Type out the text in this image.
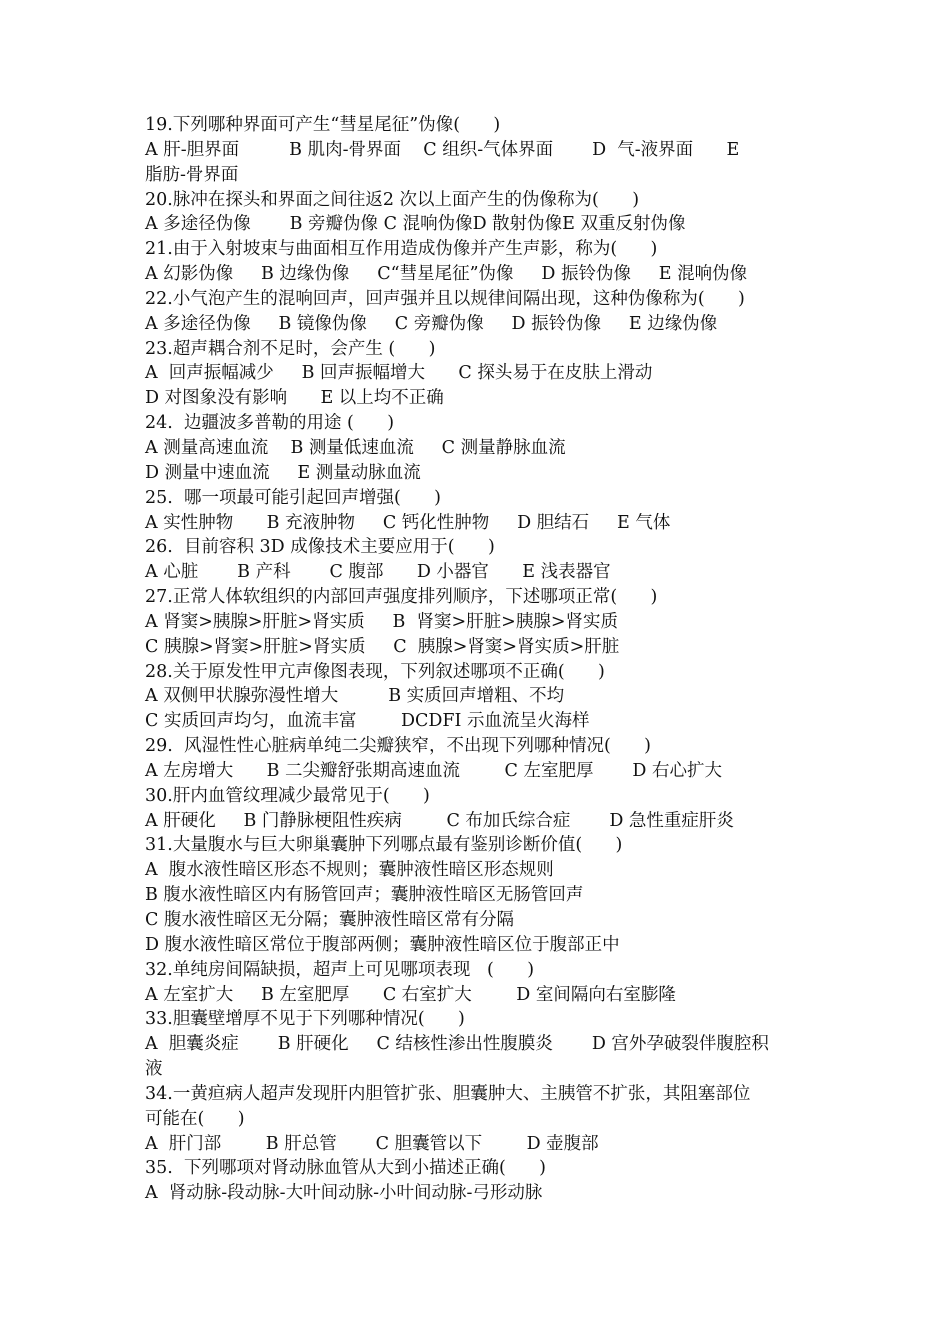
19.下列哪种界面可产生“彗星尾征”伪像(      )
A 肝-胆界面         B 肌肉-骨界面    C 组织-气体界面       D  气-液界面      E
脂肪-骨界面
20.脉冲在探头和界面之间往返2 次以上面产生的伪像称为(      )
A 多途径伪像       B 旁瓣伪像 C 混响伪像D 散射伪像E 双重反射伪像
21.由于入射坡束与曲面相互作用造成伪像并产生声影，称为(      )
A 幻影伪像     B 边缘伪像     C“彗星尾征”伪像     D 振铃伪像     E 混响伪像
22.小气泡产生的混响回声，回声强并且以规律间隔出现，这种伪像称为(      )
A 多途径伪像     B 镜像伪像     C 旁瓣伪像     D 振铃伪像     E 边缘伪像
23.超声耦合剂不足时，会产生 (      )
A  回声振幅减少     B 回声振幅增大      C 探头易于在皮肤上滑动
D 对图象没有影响      E 以上均不正确
24.  边疆波多普勒的用途 (      )
A 测量高速血流    B 测量低速血流     C 测量静脉血流
D 测量中速血流     E 测量动脉血流
25.  哪一项最可能引起回声增强(      )
A 实性肿物      B 充液肿物     C 钙化性肿物     D 胆结石     E 气体
26.  目前容积 3D 成像技术主要应用于(      )
A 心脏       B 产科       C 腹部      D 小器官      E 浅表器官
27.正常人体软组织的内部回声强度排列顺序，下述哪项正常(      )
A 肾窦>胰腺>肝脏>肾实质     B  肾窦>肝脏>胰腺>肾实质
C 胰腺>肾窦>肝脏>肾实质     C  胰腺>肾窦>肾实质>肝脏
28.关于原发性甲亢声像图表现，下列叙述哪项不正确(      )
A 双侧甲状腺弥漫性增大         B 实质回声增粗、不均
C 实质回声均匀，血流丰富        DCDFI 示血流呈火海样
29.  风湿性性心脏病单纯二尖瓣狭窄，不出现下列哪种情况(      )
A 左房增大      B 二尖瓣舒张期高速血流        C 左室肥厚       D 右心扩大
30.肝内血管纹理减少最常见于(      )
A 肝硬化     B 门静脉梗阻性疾病        C 布加氏综合症       D 急性重症肝炎
31.大量腹水与巨大卵巢囊肿下列哪点最有鉴别诊断价值(      )
A  腹水液性暗区形态不规则；囊肿液性暗区形态规则
B 腹水液性暗区内有肠管回声；囊肿液性暗区无肠管回声
C 腹水液性暗区无分隔；囊肿液性暗区常有分隔
D 腹水液性暗区常位于腹部两侧；囊肿液性暗区位于腹部正中
32.单纯房间隔缺损，超声上可见哪项表现   (      )
A 左室扩大     B 左室肥厚      C 右室扩大        D 室间隔向右室膨隆
33.胆囊壁增厚不见于下列哪种情况(      )
A  胆囊炎症       B 肝硬化     C 结核性渗出性腹膜炎       D 宫外孕破裂伴腹腔积
液
34.一黄疸病人超声发现肝内胆管扩张、胆囊肿大、主胰管不扩张，其阻塞部位
可能在(      )
A  肝门部        B 肝总管       C 胆囊管以下        D 壶腹部
35.  下列哪项对肾动脉血管从大到小描述正确(      )
A  肾动脉-段动脉-大叶间动脉-小叶间动脉-弓形动脉
